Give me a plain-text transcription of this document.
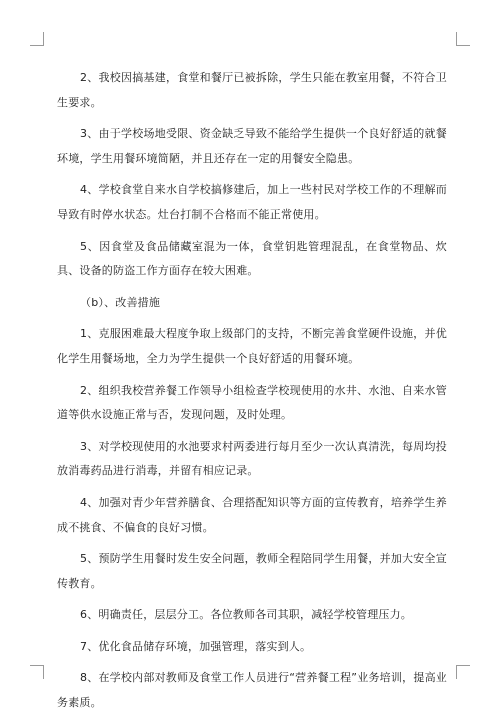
2、我校因搞基建，食堂和餐厅已被拆除，学生只能在教室用餐，不符合卫生要求。

3、由于学校场地受限、资金缺乏导致不能给学生提供一个良好舒适的就餐环境，学生用餐环境简陋，并且还存在一定的用餐安全隐患。

4、学校食堂自来水自学校搞修建后，加上一些村民对学校工作的不理解而导致有时停水状态。灶台打制不合格而不能正常使用。

5、因食堂及食品储藏室混为一体，食堂钥匙管理混乱，在食堂物品、炊具、设备的防盗工作方面存在较大困难。

（b）、改善措施

1、克服困难最大程度争取上级部门的支持，不断完善食堂硬件设施，并优化学生用餐场地，全力为学生提供一个良好舒适的用餐环境。

2、组织我校营养餐工作领导小组检查学校现使用的水井、水池、自来水管道等供水设施正常与否，发现问题，及时处理。

3、对学校现使用的水池要求村两委进行每月至少一次认真清洗，每周均投放消毒药品进行消毒，并留有相应记录。

4、加强对青少年营养膳食、合理搭配知识等方面的宣传教育，培养学生养成不挑食、不偏食的良好习惯。

5、预防学生用餐时发生安全问题，教师全程陪同学生用餐，并加大安全宣传教育。

6、明确责任，层层分工。各位教师各司其职，减轻学校管理压力。

7、优化食品储存环境，加强管理，落实到人。

8、在学校内部对教师及食堂工作人员进行“营养餐工程”业务培训，提高业务素质。
